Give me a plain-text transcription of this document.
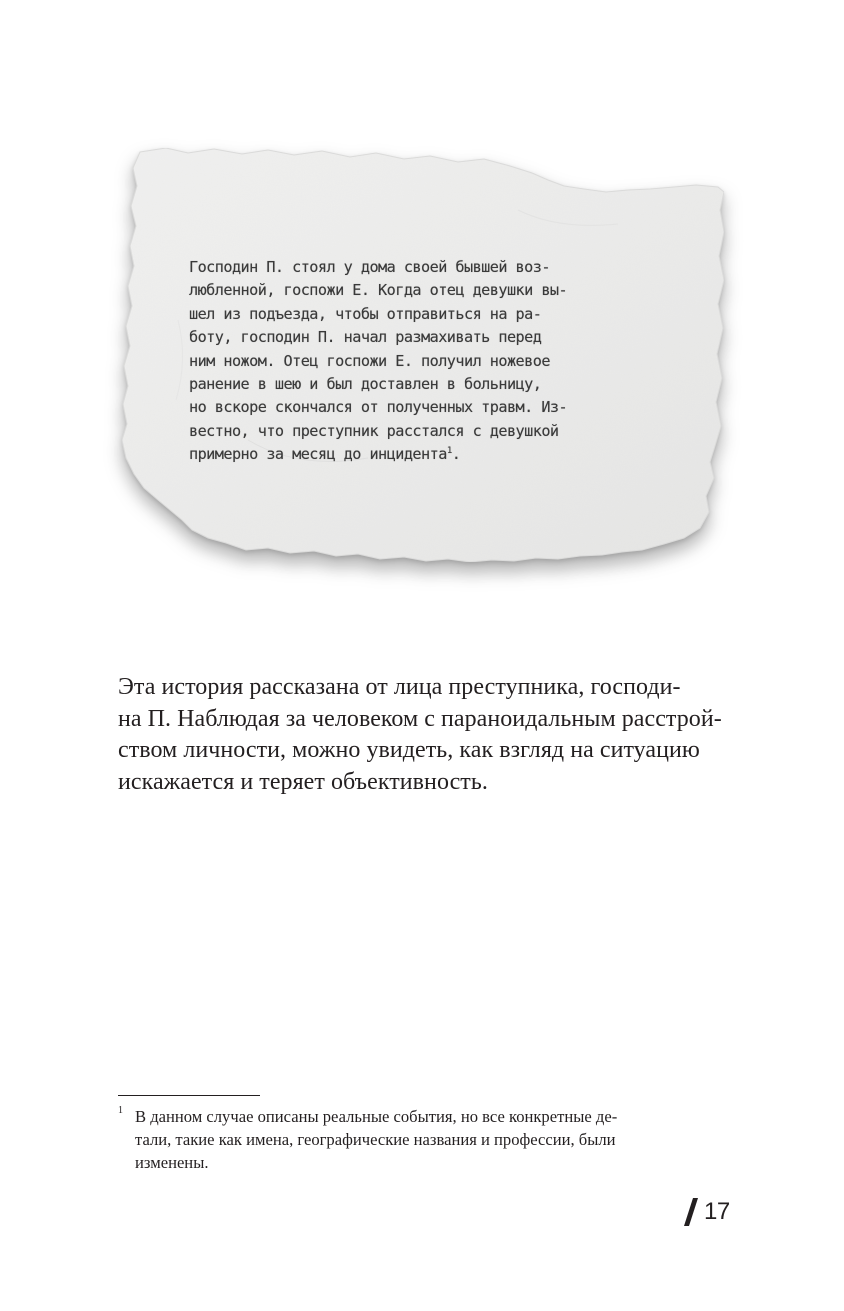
Господин П. стоял у дома своей бывшей воз-
любленной, госпожи Е. Когда отец девушки вы-
шел из подъезда, чтобы отправиться на ра-
боту, господин П. начал размахивать перед
ним ножом. Отец госпожи Е. получил ножевое
ранение в шею и был доставлен в больницу,
но вскоре скончался от полученных травм. Из-
вестно, что преступник расстался с девушкой
примерно за месяц до инцидента$^1$.

Эта история рассказана от лица преступника, господи-
на П. Наблюдая за человеком с параноидальным расстрой-
ством личности, можно увидеть, как взгляд на ситуацию
искажается и теряет объективность.

1 В данном случае описаны реальные события, но все конкретные де-
тали, такие как имена, географические названия и профессии, были
изменены.

17
